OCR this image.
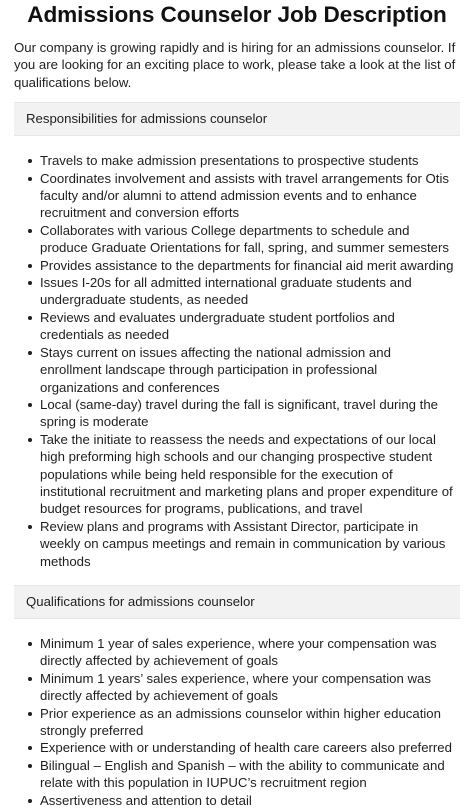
Admissions Counselor Job Description

Our company is growing rapidly and is hiring for an admissions counselor. If you are looking for an exciting place to work, please take a look at the list of qualifications below.

Responsibilities for admissions counselor
Travels to make admission presentations to prospective students
Coordinates involvement and assists with travel arrangements for Otis faculty and/or alumni to attend admission events and to enhance recruitment and conversion efforts
Collaborates with various College departments to schedule and produce Graduate Orientations for fall, spring, and summer semesters
Provides assistance to the departments for financial aid merit awarding
Issues I-20s for all admitted international graduate students and undergraduate students, as needed
Reviews and evaluates undergraduate student portfolios and credentials as needed
Stays current on issues affecting the national admission and enrollment landscape through participation in professional organizations and conferences
Local (same-day) travel during the fall is significant, travel during the spring is moderate
Take the initiate to reassess the needs and expectations of our local high preforming high schools and our changing prospective student populations while being held responsible for the execution of institutional recruitment and marketing plans and proper expenditure of budget resources for programs, publications, and travel
Review plans and programs with Assistant Director, participate in weekly on campus meetings and remain in communication by various methods
Qualifications for admissions counselor
Minimum 1 year of sales experience, where your compensation was directly affected by achievement of goals
Minimum 1 years’ sales experience, where your compensation was directly affected by achievement of goals
Prior experience as an admissions counselor within higher education strongly preferred
Experience with or understanding of health care careers also preferred
Bilingual – English and Spanish – with the ability to communicate and relate with this population in IUPUC’s recruitment region
Assertiveness and attention to detail
